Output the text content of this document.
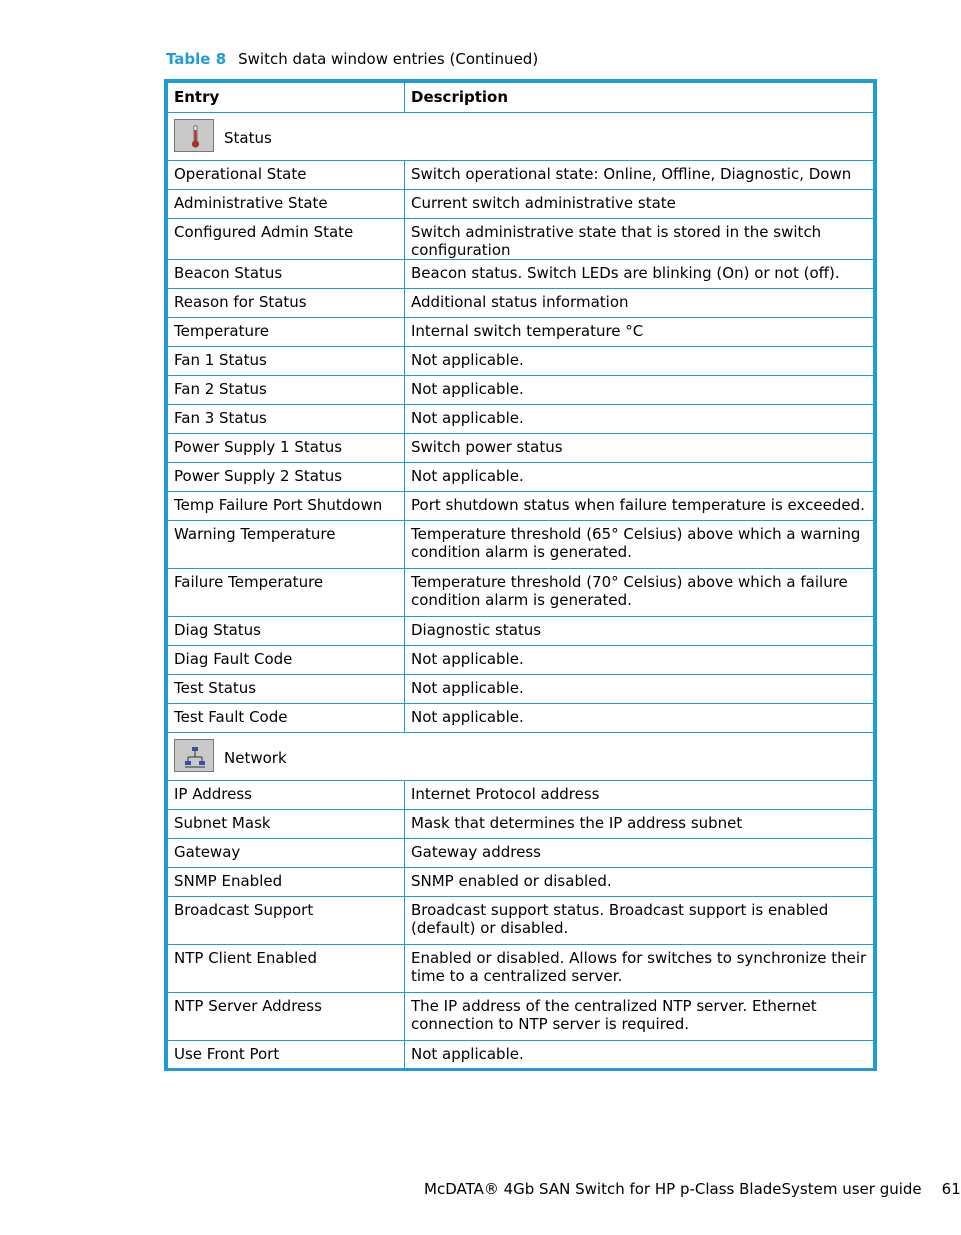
Table 8 Switch data window entries (Continued)
Entry	Description

Status	

Operational State	Switch operational state: Online, Offline, Diagnostic, Down
Administrative State	Current switch administrative state
Configured Admin State	Switch administrative state that is stored in the switch configuration
Beacon Status	Beacon status. Switch LEDs are blinking (On) or not (off).
Reason for Status	Additional status information
Temperature	Internal switch temperature °C
Fan 1 Status	Not applicable.
Fan 2 Status	Not applicable.
Fan 3 Status	Not applicable.
Power Supply 1 Status	Switch power status
Power Supply 2 Status	Not applicable.
Temp Failure Port Shutdown	Port shutdown status when failure temperature is exceeded.
Warning Temperature	Temperature threshold (65° Celsius) above which a warning condition alarm is generated.
Failure Temperature	Temperature threshold (70° Celsius) above which a failure condition alarm is generated.
Diag Status	Diagnostic status
Diag Fault Code	Not applicable.
Test Status	Not applicable.
Test Fault Code	Not applicable.

Network	

IP Address	Internet Protocol address
Subnet Mask	Mask that determines the IP address subnet
Gateway	Gateway address
SNMP Enabled	SNMP enabled or disabled.
Broadcast Support	Broadcast support status. Broadcast support is enabled (default) or disabled.
NTP Client Enabled	Enabled or disabled. Allows for switches to synchronize their time to a centralized server.
NTP Server Address	The IP address of the centralized NTP server. Ethernet connection to NTP server is required.
Use Front Port	Not applicable.
McDATA® 4Gb SAN Switch for HP p-Class BladeSystem user guide 61
